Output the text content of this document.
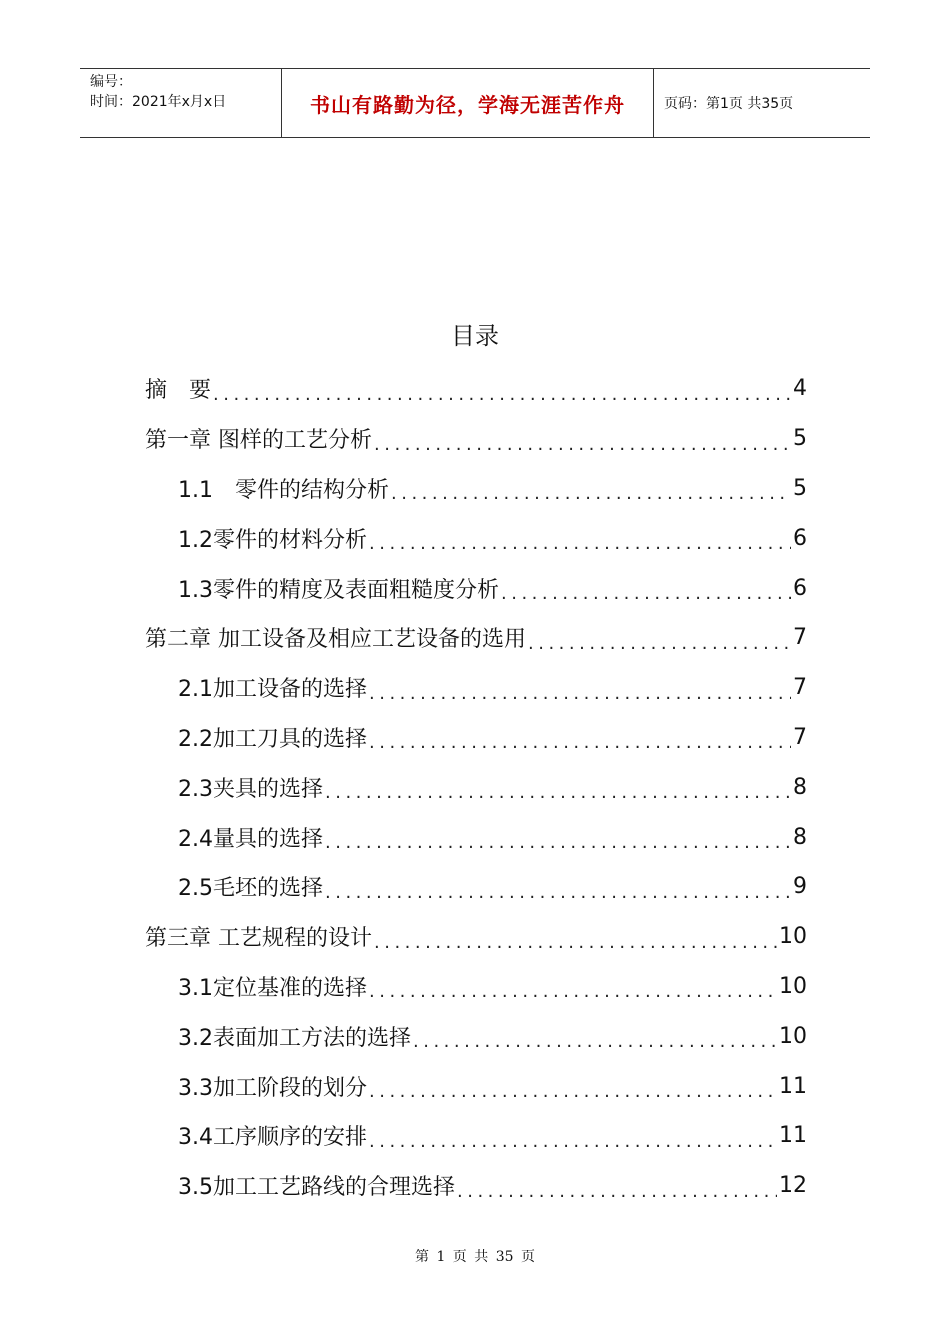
编号：
时间：2021年x月x日	书山有路勤为径，学海无涯苦作舟	页码：第1页 共35页
目录
摘　要 .....	4
第一章 图样的工艺分析 .....	5
1.1　零件的结构分析 .....	5
1.2零件的材料分析 .....	6
1.3零件的精度及表面粗糙度分析 .....	6
第二章 加工设备及相应工艺设备的选用 .....	7
2.1加工设备的选择 .....	7
2.2加工刀具的选择 .....	7
2.3夹具的选择 .....	8
2.4量具的选择 .....	8
2.5毛坯的选择 .....	9
第三章 工艺规程的设计 .....	10
3.1定位基准的选择 .....	10
3.2表面加工方法的选择 .....	10
3.3加工阶段的划分 .....	11
3.4工序顺序的安排 .....	11
3.5加工工艺路线的合理选择 .....	12
第 1 页 共 35 页
